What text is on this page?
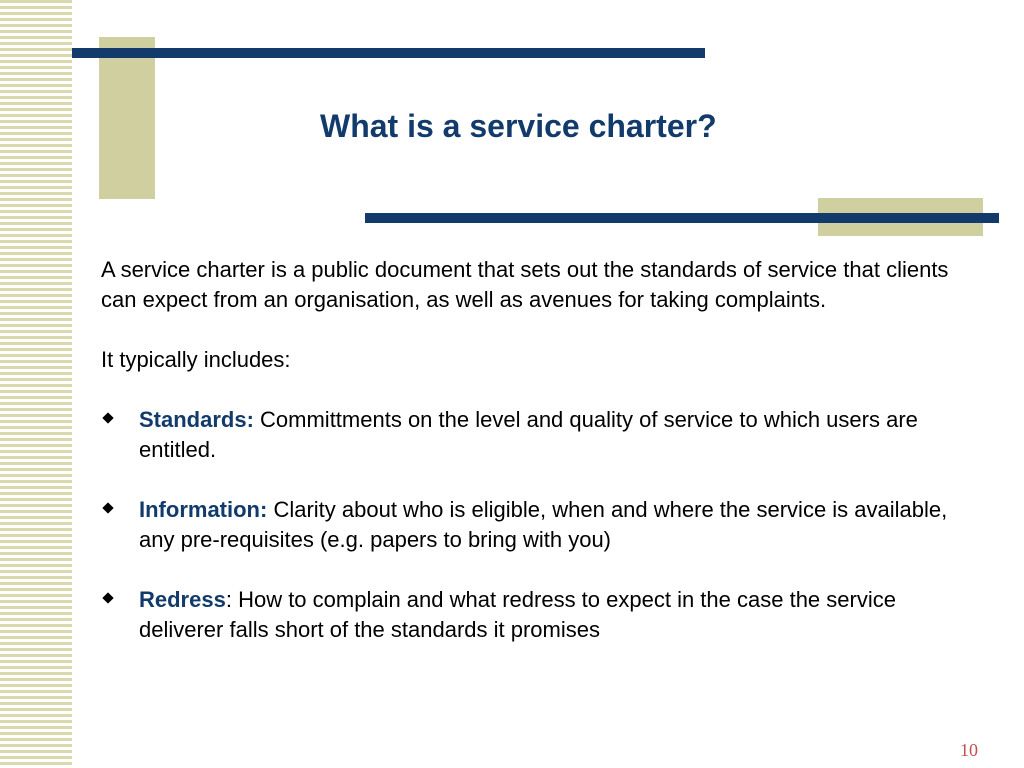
What is a service charter?

A service charter is a public document that sets out the standards of service that clients can expect from an organisation, as well as avenues for taking complaints.

It typically includes:

Standards: Committments on the level and quality of service to which users are entitled.
Information: Clarity about who is eligible, when and where the service is available, any pre-requisites (e.g. papers to bring with you)
Redress: How to complain and what redress to expect in the case the service deliverer falls short of the standards it promises
10
